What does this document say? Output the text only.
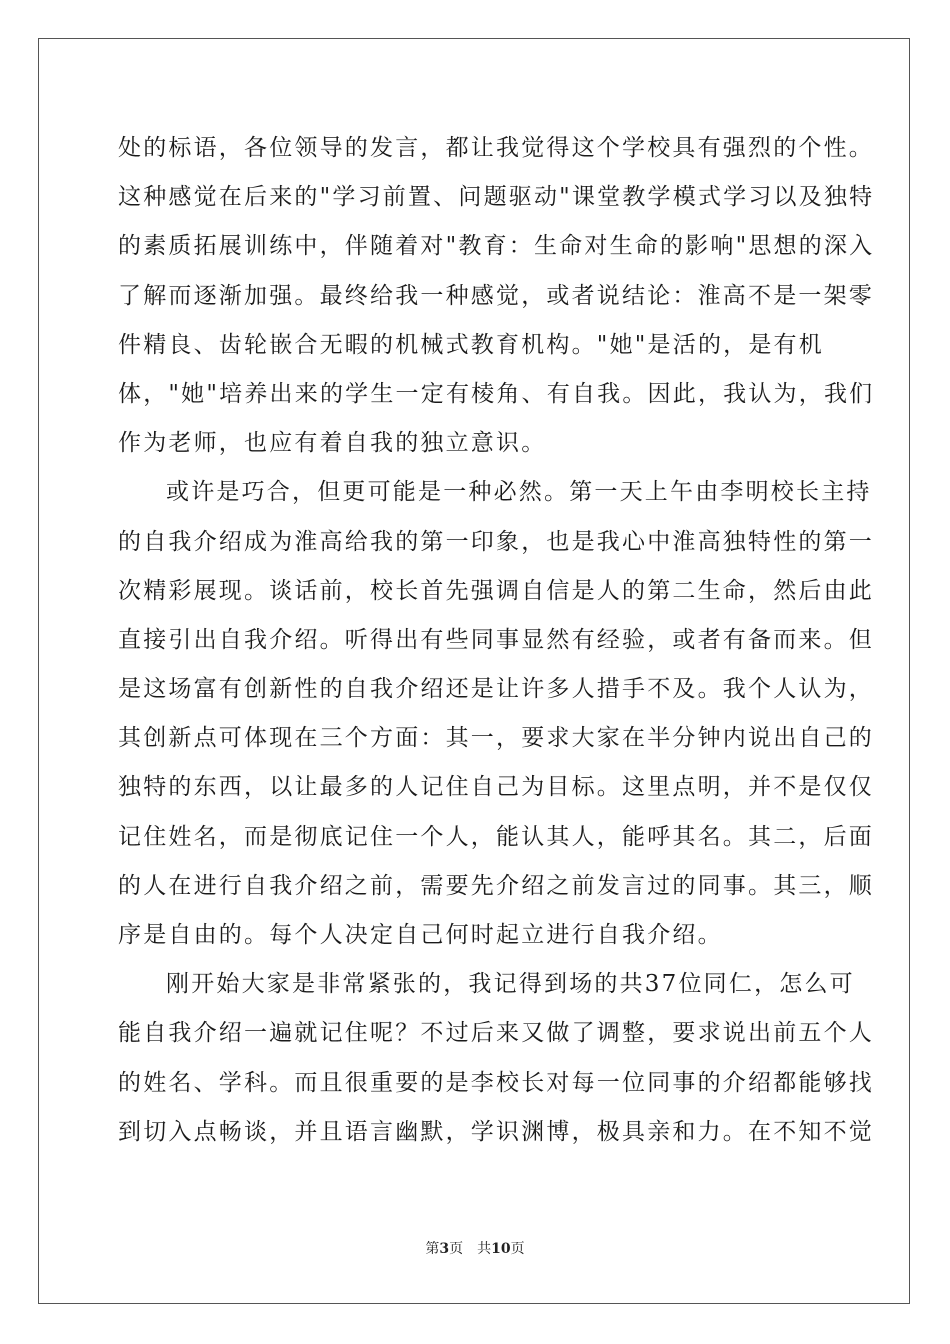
处的标语，各位领导的发言，都让我觉得这个学校具有强烈的个性。
这种感觉在后来的"学习前置、问题驱动"课堂教学模式学习以及独特
的素质拓展训练中，伴随着对"教育：生命对生命的影响"思想的深入
了解而逐渐加强。最终给我一种感觉，或者说结论：淮高不是一架零
件精良、齿轮嵌合无暇的机械式教育机构。"她"是活的，是有机
体，"她"培养出来的学生一定有棱角、有自我。因此，我认为，我们
作为老师，也应有着自我的独立意识。
或许是巧合，但更可能是一种必然。第一天上午由李明校长主持
的自我介绍成为淮高给我的第一印象，也是我心中淮高独特性的第一
次精彩展现。谈话前，校长首先强调自信是人的第二生命，然后由此
直接引出自我介绍。听得出有些同事显然有经验，或者有备而来。但
是这场富有创新性的自我介绍还是让许多人措手不及。我个人认为，
其创新点可体现在三个方面：其一，要求大家在半分钟内说出自己的
独特的东西，以让最多的人记住自己为目标。这里点明，并不是仅仅
记住姓名，而是彻底记住一个人，能认其人，能呼其名。其二，后面
的人在进行自我介绍之前，需要先介绍之前发言过的同事。其三，顺
序是自由的。每个人决定自己何时起立进行自我介绍。
刚开始大家是非常紧张的，我记得到场的共37位同仁，怎么可
能自我介绍一遍就记住呢？不过后来又做了调整，要求说出前五个人
的姓名、学科。而且很重要的是李校长对每一位同事的介绍都能够找
到切入点畅谈，并且语言幽默，学识渊博，极具亲和力。在不知不觉
第3页 共10页
